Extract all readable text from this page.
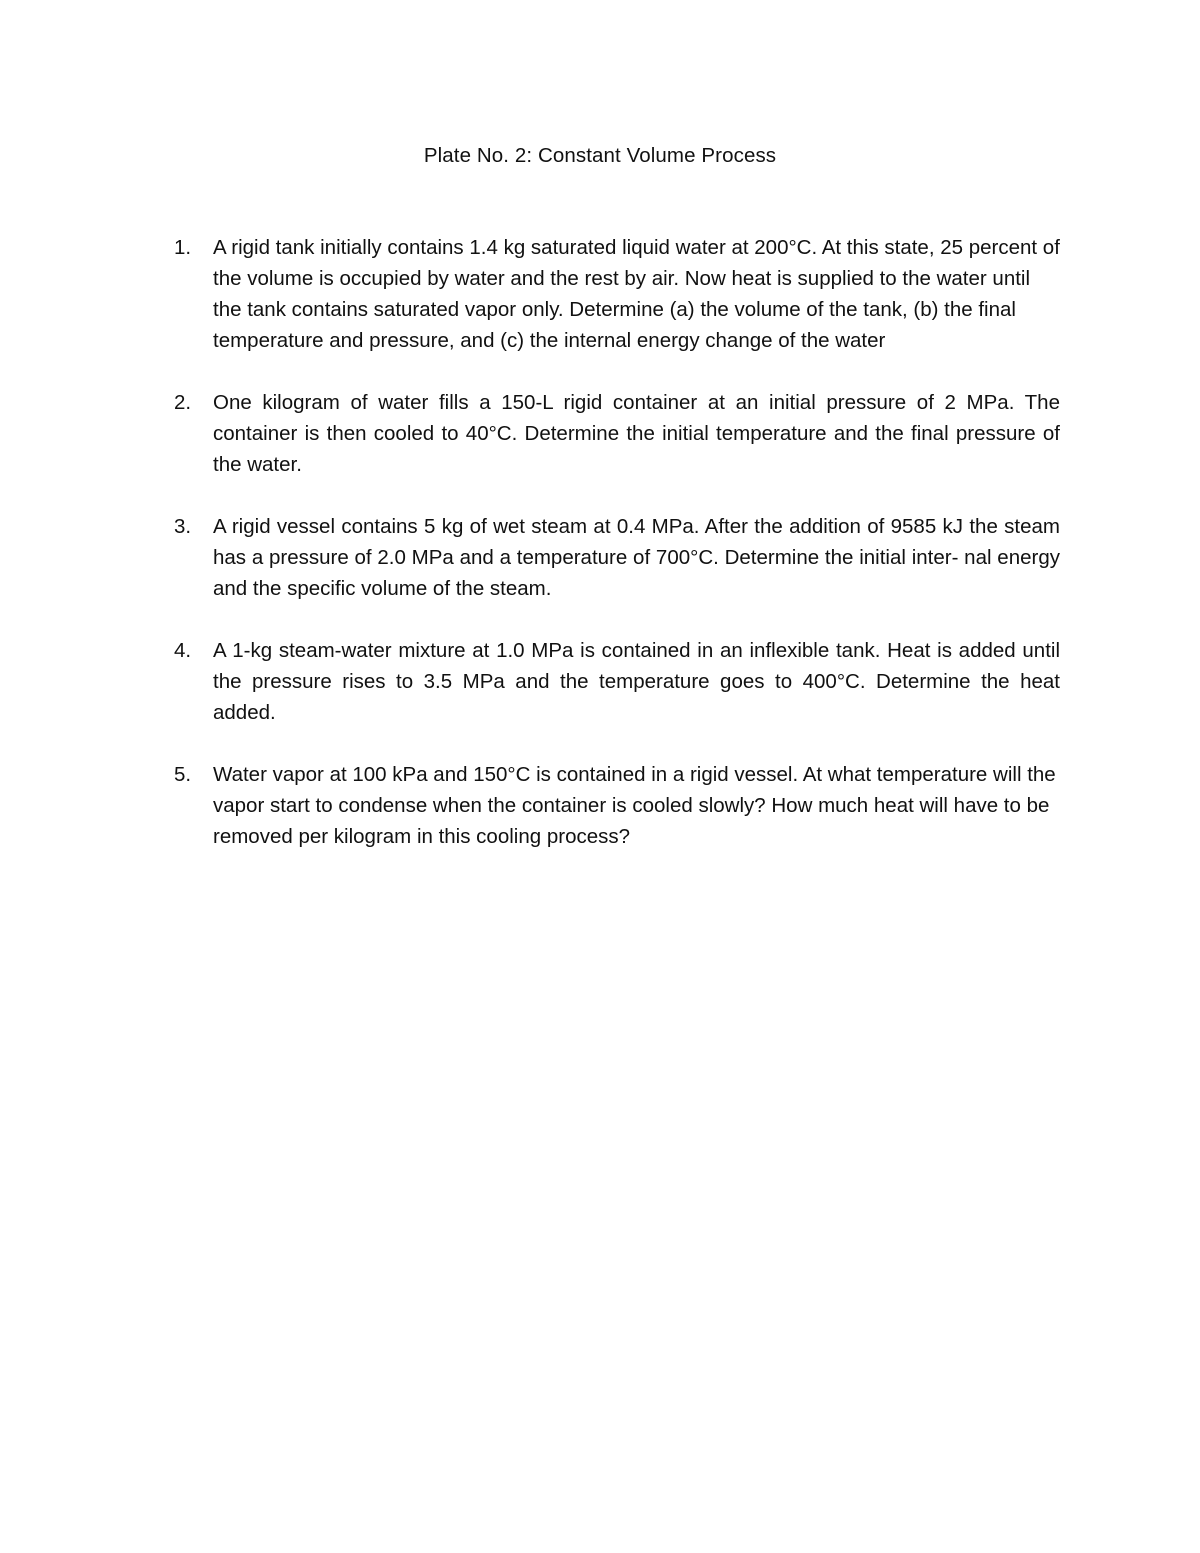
Plate No. 2: Constant Volume Process
1. A rigid tank initially contains 1.4 kg saturated liquid water at 200°C. At this state, 25 percent of the volume is occupied by water and the rest by air. Now heat is supplied to the water until the tank contains saturated vapor only. Determine (a) the volume of the tank, (b) the final temperature and pressure, and (c) the internal energy change of the water
2. One kilogram of water fills a 150-L rigid container at an initial pressure of 2 MPa. The container is then cooled to 40°C. Determine the initial temperature and the final pressure of the water.
3. A rigid vessel contains 5 kg of wet steam at 0.4 MPa. After the addition of 9585 kJ the steam has a pressure of 2.0 MPa and a temperature of 700°C. Determine the initial inter- nal energy and the specific volume of the steam.
4. A 1-kg steam-water mixture at 1.0 MPa is contained in an inflexible tank. Heat is added until the pressure rises to 3.5 MPa and the temperature goes to 400°C. Determine the heat added.
5. Water vapor at 100 kPa and 150°C is contained in a rigid vessel. At what temperature will the vapor start to condense when the container is cooled slowly? How much heat will have to be removed per kilogram in this cooling process?
